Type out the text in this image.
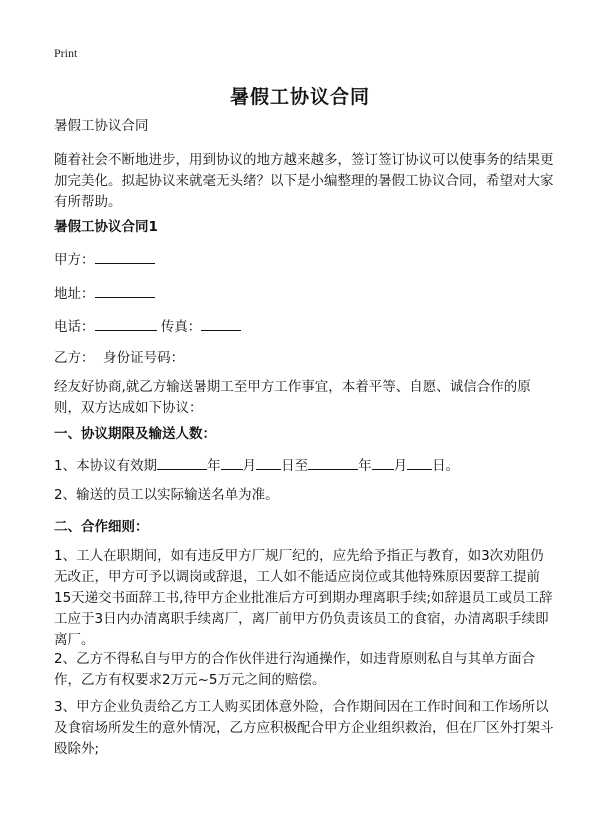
Print
暑假工协议合同

暑假工协议合同

随着社会不断地进步，用到协议的地方越来越多，签订签订协议可以使事务的结果更加完美化。拟起协议来就毫无头绪？以下是小编整理的暑假工协议合同，希望对大家有所帮助。

暑假工协议合同1

甲方：

地址：

电话：	传真：

乙方： 身份证号码：

经友好协商,就乙方输送暑期工至甲方工作事宜，本着平等、自愿、诚信合作的原则，双方达成如下协议：

一、协议期限及输送人数：

1、本协议有效期	年 月 日至	年 月 日。

2、输送的员工以实际输送名单为准。

二、合作细则：

1、工人在职期间，如有违反甲方厂规厂纪的，应先给予指正与教育，如3次劝阻仍无改正，甲方可予以调岗或辞退，工人如不能适应岗位或其他特殊原因要辞工提前15天递交书面辞工书,待甲方企业批准后方可到期办理离职手续;如辞退员工或员工辞工应于3日内办清离职手续离厂，离厂前甲方仍负责该员工的食宿，办清离职手续即离厂。

2、乙方不得私自与甲方的合作伙伴进行沟通操作，如违背原则私自与其单方面合作，乙方有权要求2万元~5万元之间的赔偿。

3、甲方企业负责给乙方工人购买团体意外险，合作期间因在工作时间和工作场所以及食宿场所发生的意外情况，乙方应积极配合甲方企业组织救治，但在厂区外打架斗殴除外;
